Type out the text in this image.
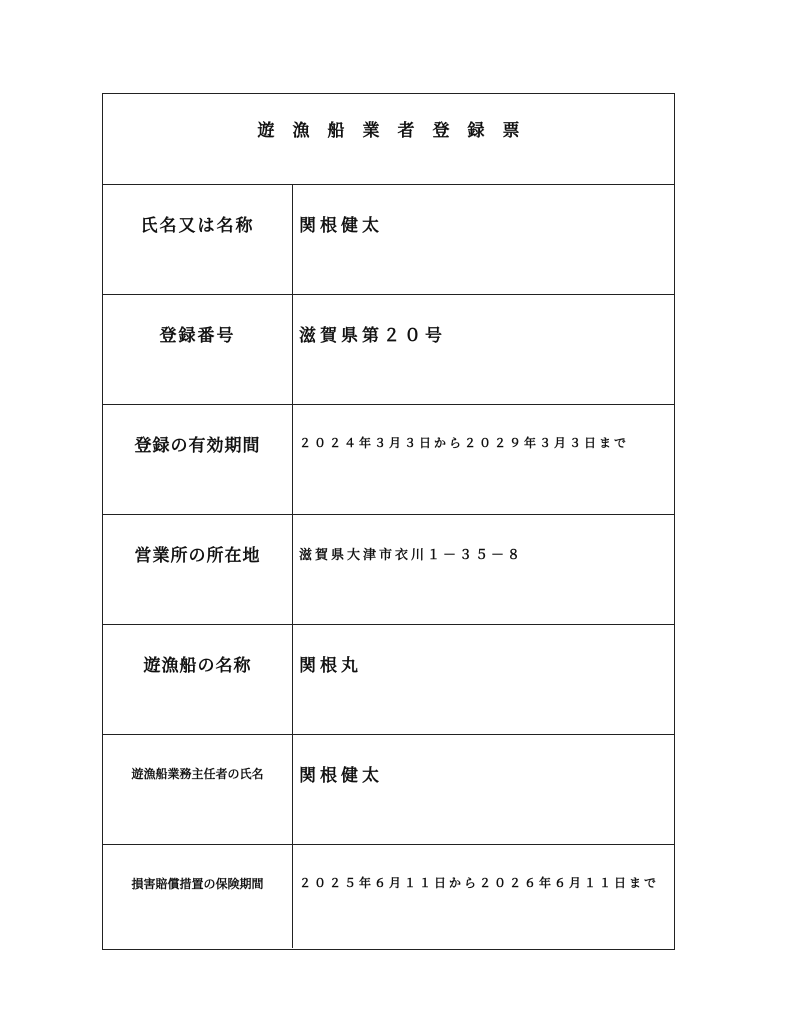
遊漁船業者登録票
氏名又は名称	関根健太
登録番号	滋賀県第２０号
登録の有効期間	２０２４年３月３日から２０２９年３月３日まで
営業所の所在地	滋賀県大津市衣川１－３５－８
遊漁船の名称	関根丸
遊漁船業務主任者の氏名	関根健太
損害賠償措置の保険期間	２０２５年６月１１日から２０２６年６月１１日まで
